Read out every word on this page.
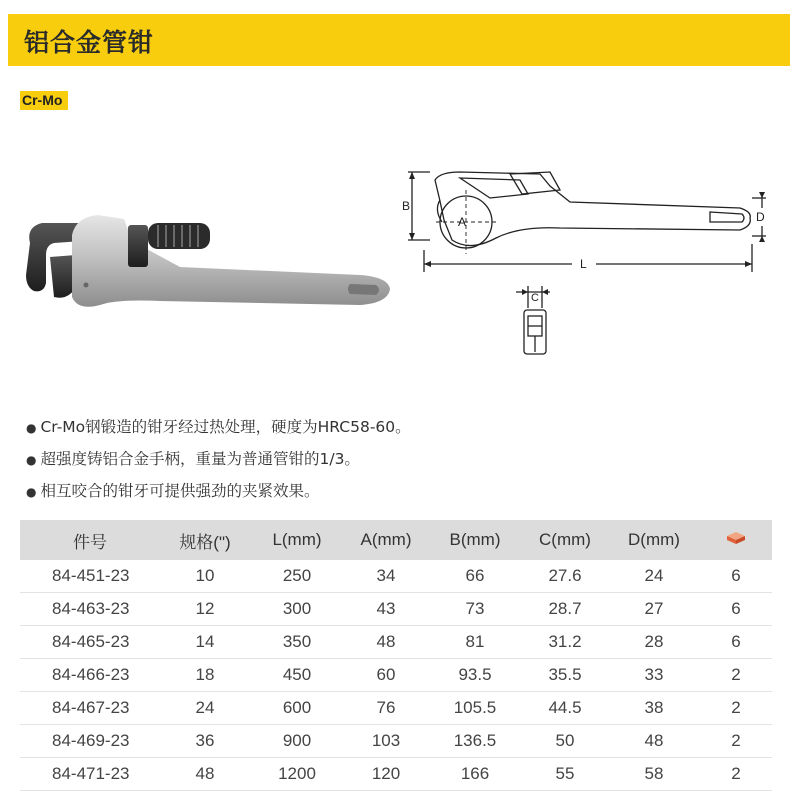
铝合金管钳
Cr-Mo
A
B
C
D
L
● Cr-Mo钢锻造的钳牙经过热处理，硬度为HRC58-60。
● 超强度铸铝合金手柄，重量为普通管钳的1/3。
● 相互咬合的钳牙可提供强劲的夹紧效果。
件号	规格(")	L(mm)	A(mm)	B(mm)	C(mm)	D(mm)	
84-451-23	10	250	34	66	27.6	24	6
84-463-23	12	300	43	73	28.7	27	6
84-465-23	14	350	48	81	31.2	28	6
84-466-23	18	450	60	93.5	35.5	33	2
84-467-23	24	600	76	105.5	44.5	38	2
84-469-23	36	900	103	136.5	50	48	2
84-471-23	48	1200	120	166	55	58	2
